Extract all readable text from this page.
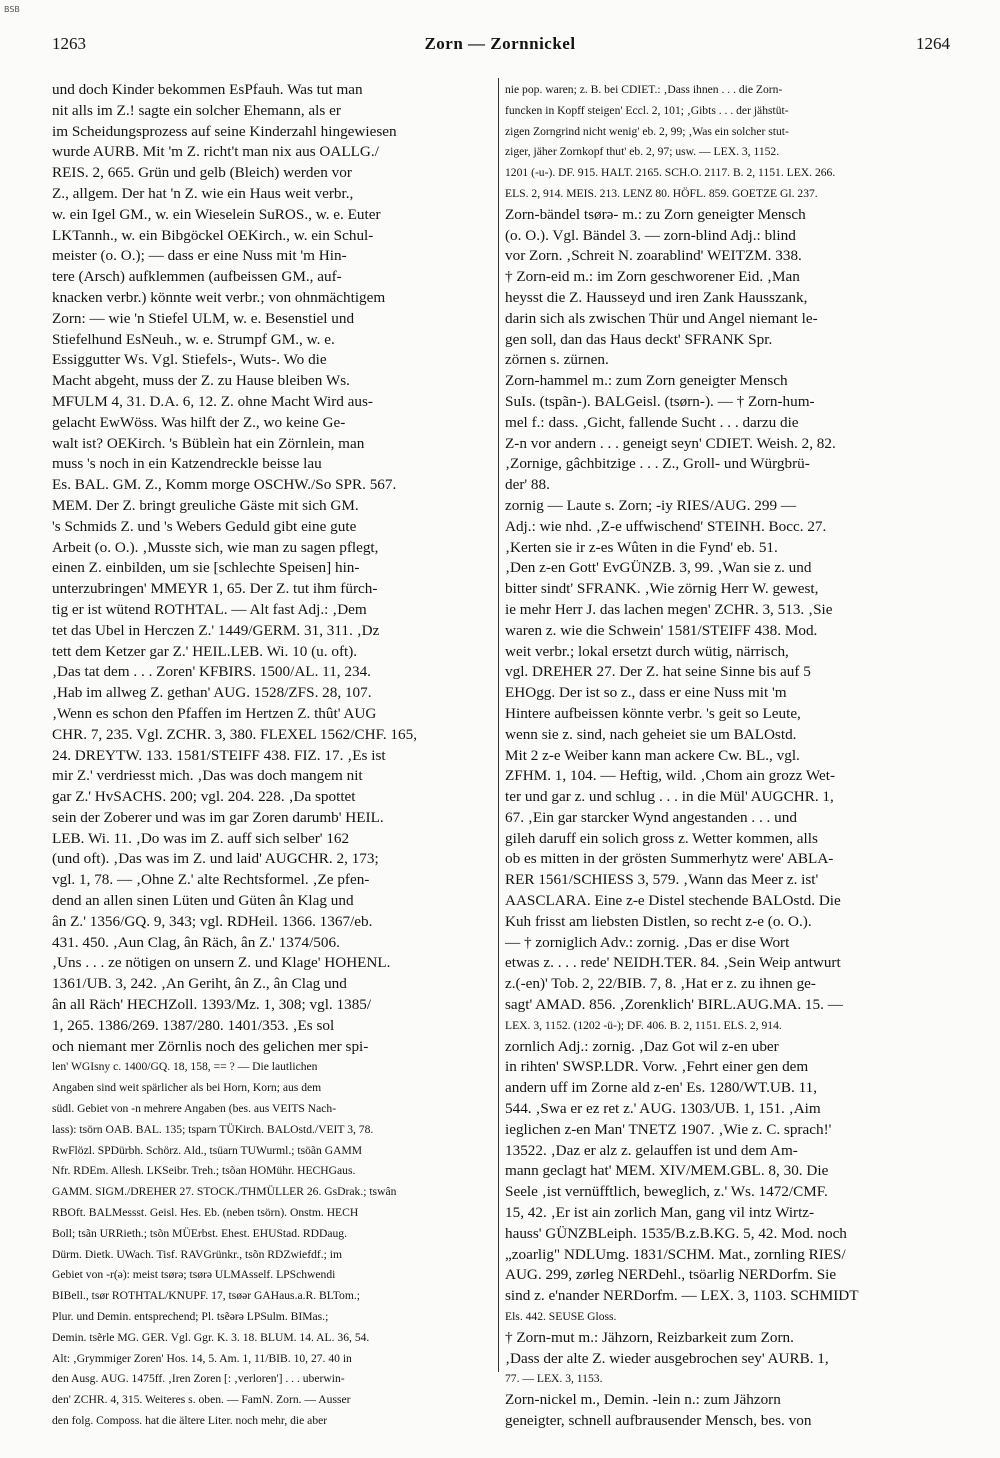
BSB
1263	Zorn — Zornnickel	1264
und doch Kinder bekommen EsPfauh. Was tut man
nit alls im Z.! sagte ein solcher Ehemann, als er
im Scheidungsprozess auf seine Kinderzahl hingewiesen
wurde AURB. Mit 'm Z. richt't man nix aus OALLG./
REIS. 2, 665. Grün und gelb (Bleich) werden vor
Z., allgem. Der hat 'n Z. wie ein Haus weit verbr.,
w. ein Igel GM., w. ein Wieselein SuROS., w. e. Euter
LKTannh., w. ein Bibgöckel OEKirch., w. ein Schul-
meister (o. O.); — dass er eine Nuss mit 'm Hin-
tere (Arsch) aufklemmen (aufbeissen GM., auf-
knacken verbr.) könnte weit verbr.; von ohnmächtigem
Zorn: — wie 'n Stiefel ULM, w. e. Besenstiel und
Stiefelhund EsNeuh., w. e. Strumpf GM., w. e.
Essiggutter Ws. Vgl. Stiefels-, Wuts-. Wo die
Macht abgeht, muss der Z. zu Hause bleiben Ws.
MFULM 4, 31. D.A. 6, 12. Z. ohne Macht Wird aus-
gelacht EwWöss. Was hilft der Z., wo keine Ge-
walt ist? OEKirch. 's Bübleìn hat ein Zörnlein, man
muss 's noch in ein Katzendreckle beisse lau
Es. BAL. GM. Z., Komm morge OSCHW./So SPR. 567.
MEM. Der Z. bringt greuliche Gäste mit sich GM.
's Schmids Z. und 's Webers Geduld gibt eine gute
Arbeit (o. O.). ‚Musste sich, wie man zu sagen pflegt,
einen Z. einbilden, um sie [schlechte Speisen] hin-
unterzubringen' MMEYR 1, 65. Der Z. tut ihm fürch-
tig er ist wütend ROTHTAL. — Alt fast Adj.: ‚Dem
tet das Ubel in Herczen Z.' 1449/GERM. 31, 311. ‚Dz
tett dem Ketzer gar Z.' HEIL.LEB. Wi. 10 (u. oft).
‚Das tat dem . . . Zoren' KFBIRS. 1500/AL. 11, 234.
‚Hab im allweg Z. gethan' AUG. 1528/ZFS. 28, 107.
‚Wenn es schon den Pfaffen im Hertzen Z. thût' AUG
CHR. 7, 235. Vgl. ZCHR. 3, 380. FLEXEL 1562/CHF. 165,
24. DREYTW. 133. 1581/STEIFF 438. FIZ. 17. ‚Es ist
mir Z.' verdriesst mich. ‚Das was doch mangem nit
gar Z.' HvSACHS. 200; vgl. 204. 228. ‚Da spottet
sein der Zoberer und was im gar Zoren darumb' HEIL.
LEB. Wi. 11. ‚Do was im Z. auff sich selber' 162
(und oft). ‚Das was im Z. und laid' AUGCHR. 2, 173;
vgl. 1, 78. — ‚Ohne Z.' alte Rechtsformel. ‚Ze pfen-
dend an allen sinen Lüten und Güten ân Klag und
ân Z.' 1356/GQ. 9, 343; vgl. RDHeil. 1366. 1367/eb.
431. 450. ‚Aun Clag, ân Räch, ân Z.' 1374/506.
‚Uns . . . ze nötigen on unsern Z. und Klage' HOHENL.
1361/UB. 3, 242. ‚An Geriht, ân Z., ân Clag und
ân all Räch' HECHZoll. 1393/Mz. 1, 308; vgl. 1385/
1, 265. 1386/269. 1387/280. 1401/353. ‚Es sol
och niemant mer Zörnlis noch des gelichen mer spi-
len' WGIsny c. 1400/GQ. 18, 158, == ? — Die lautlichen
Angaben sind weit spärlicher als bei Horn, Korn; aus dem
südl. Gebiet von -n mehrere Angaben (bes. aus VEITS Nach-
lass): tsörn OAB. BAL. 135; tsparn TÜKirch. BALOstd./VEIT 3, 78.
RwFlözl. SPDürbh. Schörz. Ald., tsüarn TUWurml.; tsöãn GAMM
Nfr. RDEm. Allesh. LKSeibr. Treh.; tsõan HOMühr. HECHGaus.
GAMM. SIGM./DREHER 27. STOCK./THMÜLLER 26. GsDrak.; tswân
RBOft. BALMessst. Geisl. Hes. Eb. (neben tsörn). Onstm. HECH
Boll; tsãn URRieth.; tsõn MÜErbst. Ehest. EHUStad. RDDaug.
Dürm. Dietk. UWach. Tisf. RAVGrünkr., tsõn RDZwiefdf.; im
Gebiet von -r(ə): meist tsørə; tsørə ULMAsself. LPSchwendi
BIBell., tsør ROTHTAL/KNUPF. 17, tsøər GAHaus.a.R. BLTom.;
Plur. und Demin. entsprechend; Pl. tsẽərə LPSulm. BIMas.;
Demin. tsẽrle MG. GER. Vgl. Ggr. K. 3. 18. BLUM. 14. AL. 36, 54.
Alt: ‚Grymmiger Zoren' Hos. 14, 5. Am. 1, 11/BIB. 10, 27. 40 in
den Ausg. AUG. 1475ff. ‚Iren Zoren [: ‚verloren'] . . . uberwin-
den' ZCHR. 4, 315. Weiteres s. oben. — FamN. Zorn. — Ausser
den folg. Composs. hat die ältere Liter. noch mehr, die aber
nie pop. waren; z. B. bei CDIET.: ‚Dass ihnen . . . die Zorn-
funcken in Kopff steigen' Eccl. 2, 101; ‚Gibts . . . der jähstüt-
zigen Zorngrind nicht wenig' eb. 2, 99; ‚Was ein solcher stut-
ziger, jäher Zornkopf thut' eb. 2, 97; usw. — LEX. 3, 1152.
1201 (-u-). DF. 915. HALT. 2165. SCH.O. 2117. B. 2, 1151. LEX. 266.
ELS. 2, 914. MEIS. 213. LENZ 80. HÖFL. 859. GOETZE Gl. 237.
Zorn-bändel tsørə- m.: zu Zorn geneigter Mensch
(o. O.). Vgl. Bändel 3. — zorn-blind Adj.: blind
vor Zorn. ‚Schreit N. zoarablind' WEITZM. 338.
† Zorn-eid m.: im Zorn geschworener Eid. ‚Man
heysst die Z. Hausseyd und iren Zank Hausszank,
darin sich als zwischen Thür und Angel niemant le-
gen soll, dan das Haus deckt' SFRANK Spr.
zörnen s. zürnen.
Zorn-hammel m.: zum Zorn geneigter Mensch
SuIs. (tspãn-). BALGeisl. (tsørn-). — † Zorn-hum-
mel f.: dass. ‚Gicht, fallende Sucht . . . darzu die
Z-n vor andern . . . geneigt seyn' CDIET. Weish. 2, 82.
‚Zornige, gâchbitzige . . . Z., Groll- und Würgbrü-
der' 88.
zornig — Laute s. Zorn; -iy RIES/AUG. 299 —
Adj.: wie nhd. ‚Z-e uffwischend' STEINH. Bocc. 27.
‚Kerten sie ir z-es Wûten in die Fynd' eb. 51.
‚Den z-en Gott' EvGÜNZB. 3, 99. ‚Wan sie z. und
bitter sindt' SFRANK. ‚Wie zörnig Herr W. gewest,
ie mehr Herr J. das lachen megen' ZCHR. 3, 513. ‚Sie
waren z. wie die Schwein' 1581/STEIFF 438. Mod.
weit verbr.; lokal ersetzt durch wütig, närrisch,
vgl. DREHER 27. Der Z. hat seine Sinne bis auf 5
EHOgg. Der ist so z., dass er eine Nuss mit 'm
Hintere aufbeissen könnte verbr. 's geit so Leute,
wenn sie z. sind, nach geheiet sie um BALOstd.
Mit 2 z-e Weiber kann man ackere Cw. BL., vgl.
ZFHM. 1, 104. — Heftig, wild. ‚Chom ain grozz Wet-
ter und gar z. und schlug . . . in die Mül' AUGCHR. 1,
67. ‚Ein gar starcker Wynd angestanden . . . und
gileh daruff ein solich gross z. Wetter kommen, alls
ob es mitten in der grösten Summerhytz were' ABLA-
RER 1561/SCHIESS 3, 579. ‚Wann das Meer z. ist'
AASCLARA. Eine z-e Distel stechende BALOstd. Die
Kuh frisst am liebsten Distlen, so recht z-e (o. O.).
— † zorniglich Adv.: zornig. ‚Das er dise Wort
etwas z. . . . rede' NEIDH.TER. 84. ‚Sein Weip antwurt
z.(-en)' Tob. 2, 22/BIB. 7, 8. ‚Hat er z. zu ihnen ge-
sagt' AMAD. 856. ‚Zorenklich' BIRL.AUG.MA. 15. —
LEX. 3, 1152. (1202 -ü-); DF. 406. B. 2, 1151. ELS. 2, 914.
zornlich Adj.: zornig. ‚Daz Got wil z-en uber
in rihten' SWSP.LDR. Vorw. ‚Fehrt einer gen dem
andern uff im Zorne ald z-en' Es. 1280/WT.UB. 11,
544. ‚Swa er ez ret z.' AUG. 1303/UB. 1, 151. ‚Aim
ieglichen z-en Man' TNETZ 1907. ‚Wie z. C. sprach!'
13522. ‚Daz er alz z. gelauffen ist und dem Am-
mann geclagt hat' MEM. XIV/MEM.GBL. 8, 30. Die
Seele ‚ist vernüfftlich, beweglich, z.' Ws. 1472/CMF.
15, 42. ‚Er ist ain zorlich Man, gang vil intz Wirtz-
hauss' GÜNZBLeiph. 1535/B.z.B.KG. 5, 42. Mod. noch
„zoarlig" NDLUmg. 1831/SCHM. Mat., zornling RIES/
AUG. 299, zørleg NERDehl., tsöarlig NERDorfm. Sie
sind z. e'nander NERDorfm. — LEX. 3, 1103. SCHMIDT
Els. 442. SEUSE Gloss.
† Zorn-mut m.: Jähzorn, Reizbarkeit zum Zorn.
‚Dass der alte Z. wieder ausgebrochen sey' AURB. 1,
77. — LEX. 3, 1153.
Zorn-nickel m., Demin. -lein n.: zum Jähzorn
geneigter, schnell aufbrausender Mensch, bes. von
